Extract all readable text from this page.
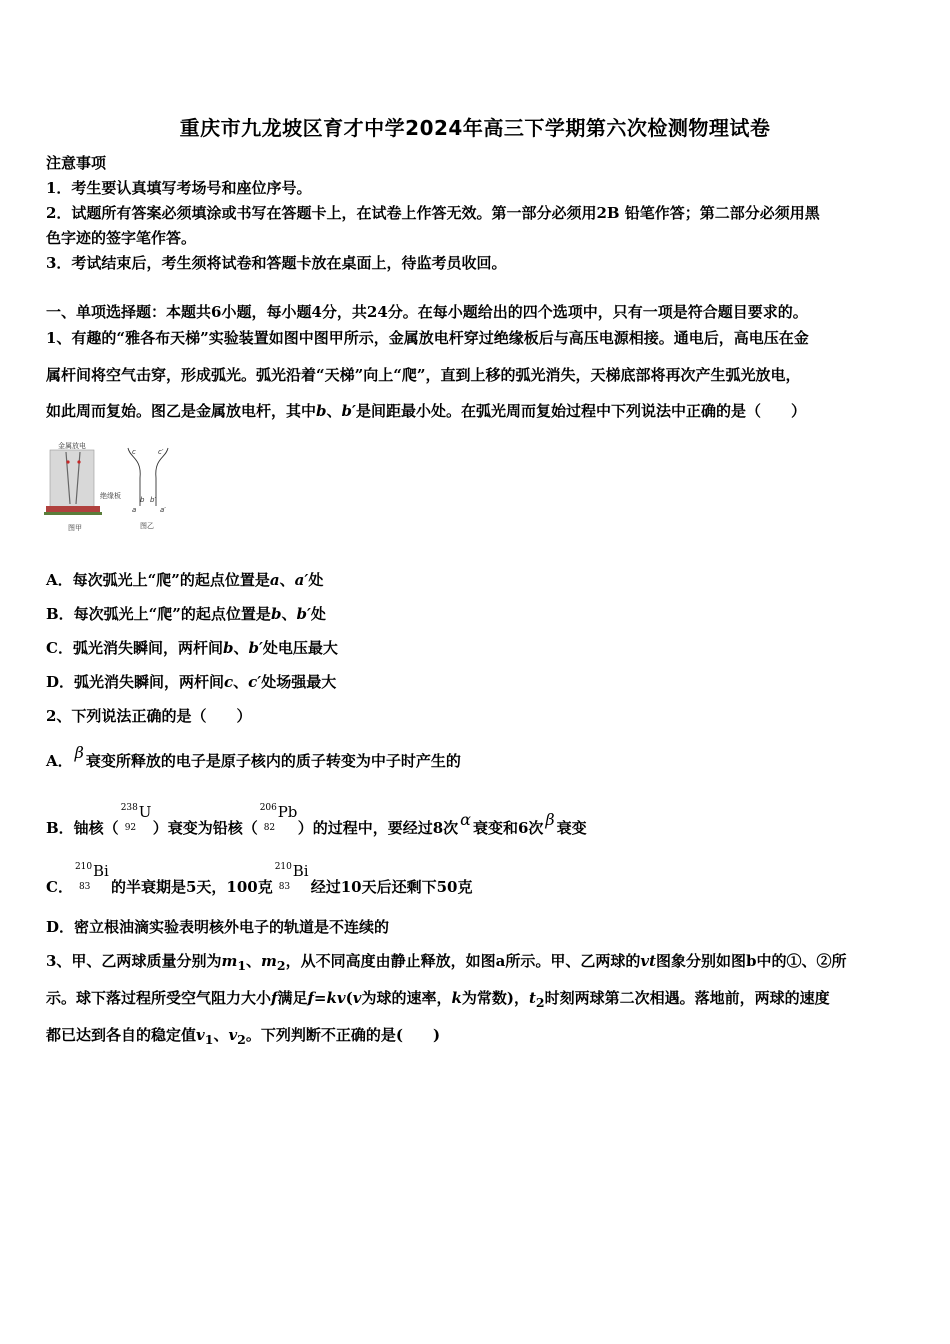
重庆市九龙坡区育才中学2024年高三下学期第六次检测物理试卷
注意事项
1．考生要认真填写考场号和座位序号。
2．试题所有答案必须填涂或书写在答题卡上，在试卷上作答无效。第一部分必须用2B 铅笔作答；第二部分必须用黑
色字迹的签字笔作答。
3．考试结束后，考生须将试卷和答题卡放在桌面上，待监考员收回。
一、单项选择题：本题共6小题，每小题4分，共24分。在每小题给出的四个选项中，只有一项是符合题目要求的。
1、有趣的“雅各布天梯”实验装置如图中图甲所示，金属放电杆穿过绝缘板后与高压电源相接。通电后，高电压在金
属杆间将空气击穿，形成弧光。弧光沿着“天梯”向上“爬”，直到上移的弧光消失，天梯底部将再次产生弧光放电，
如此周而复始。图乙是金属放电杆，其中b、b′是间距最小处。在弧光周而复始过程中下列说法中正确的是（　　）
金属放电
绝缘板
图甲
c	c′
b b′
a	a′
图乙
A．每次弧光上“爬”的起点位置是a、a′处
B．每次弧光上“爬”的起点位置是b、b′处
C．弧光消失瞬间，两杆间b、b′处电压最大
D．弧光消失瞬间，两杆间c、c′处场强最大
2、下列说法正确的是（　　）
A． β 衰变所释放的电子是原子核内的质子转变为中子时产生的
B．铀核（
238
92
U
）衰变为铅核（
206
82
Pb
）的过程中，要经过8次 α 衰变和6次 β 衰变
C．
210
83
Bi
的半衰期是5天，100克
210
83
Bi
经过10天后还剩下50克
D．密立根油滴实验表明核外电子的轨道是不连续的
3、甲、乙两球质量分别为$m_1$、$m_2$，从不同高度由静止释放，如图a所示。甲、乙两球的vt图象分别如图b中的①、②所
示。球下落过程所受空气阻力大小f满足f=kv(v为球的速率，k为常数)，$t_2$时刻两球第二次相遇。落地前，两球的速度
都已达到各自的稳定值$v_1$、$v_2$。下列判断不正确的是(　　)
